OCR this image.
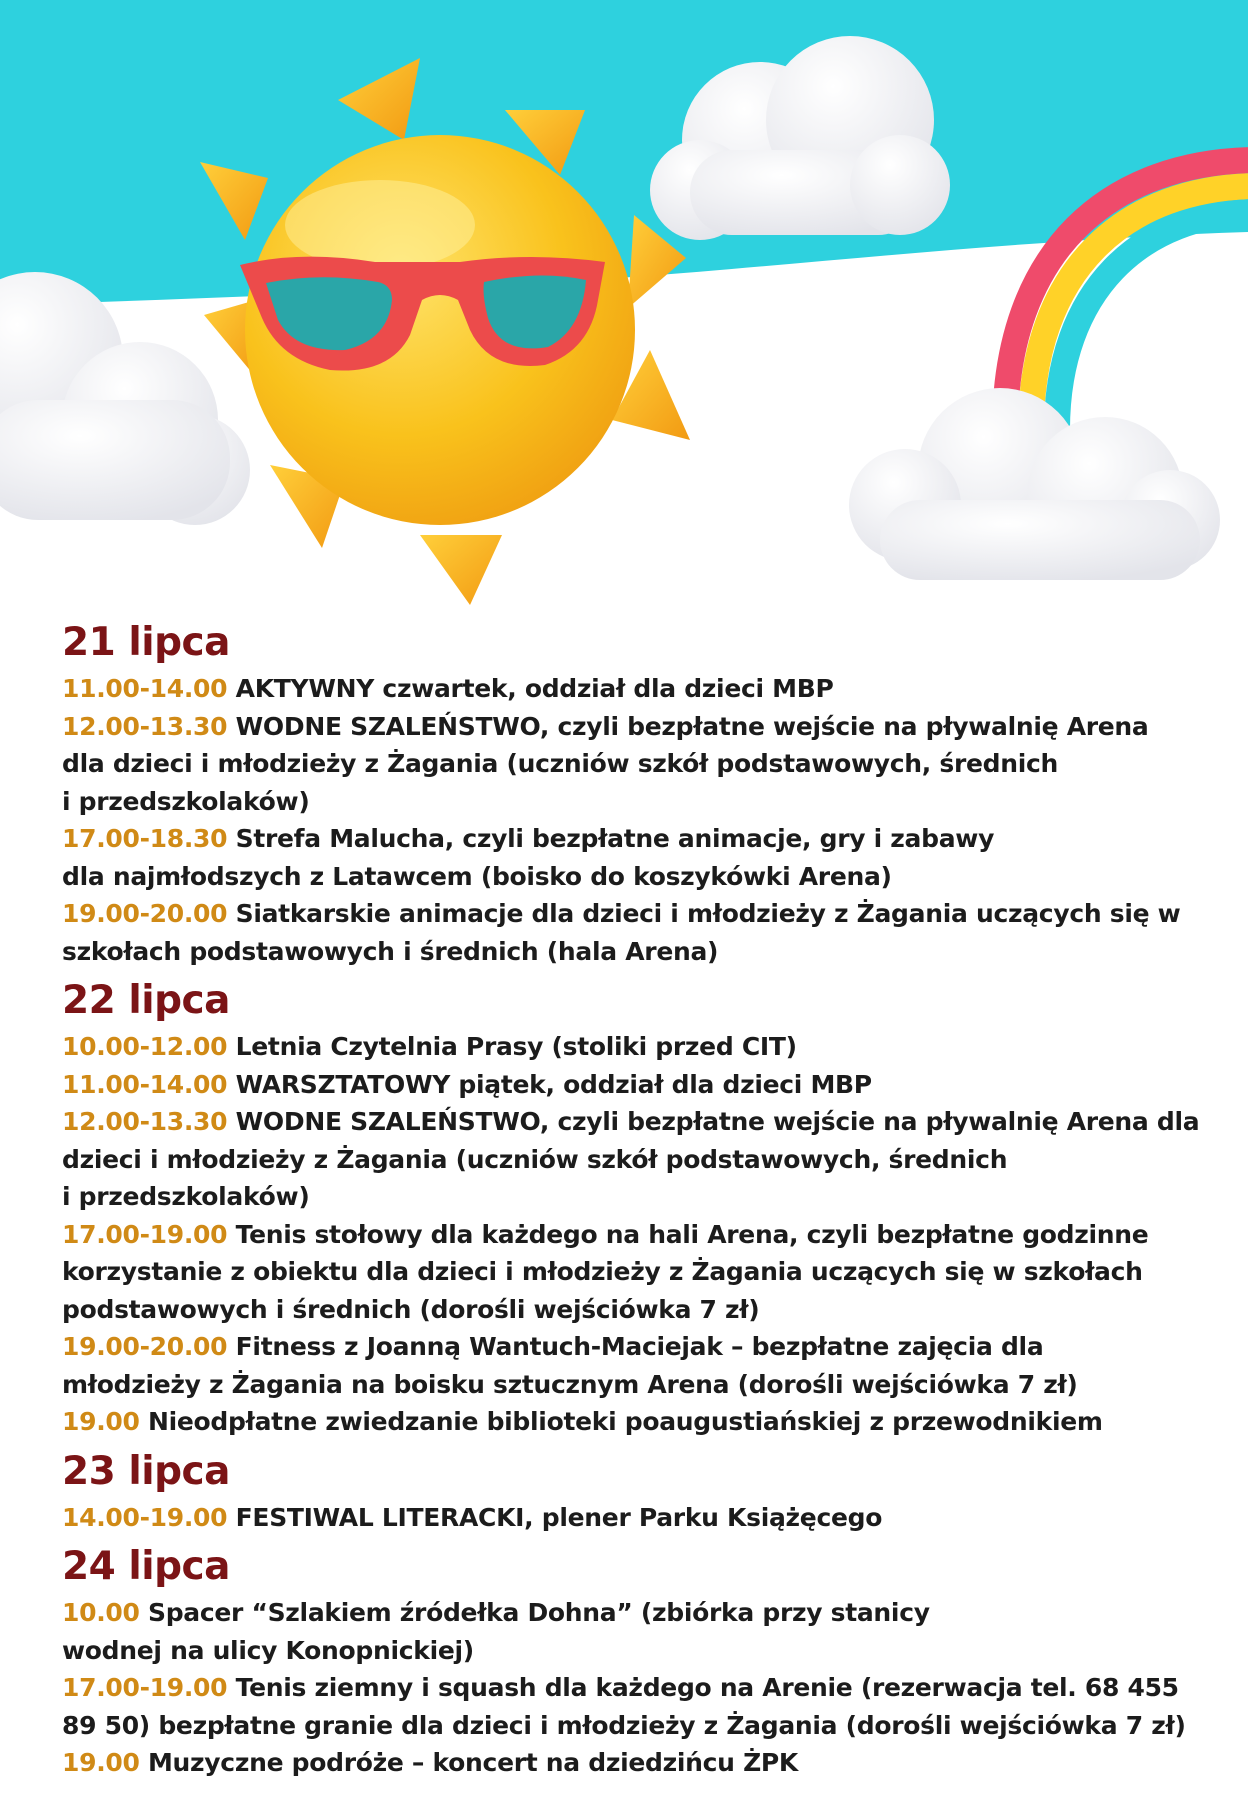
21 lipca
11.00-14.00 AKTYWNY czwartek, oddział dla dzieci MBP
12.00-13.30 WODNE SZALEŃSTWO, czyli bezpłatne wejście na pływalnię Arena
dla dzieci i młodzieży z Żagania (uczniów szkół podstawowych, średnich
i przedszkolaków)
17.00-18.30 Strefa Malucha, czyli bezpłatne animacje, gry i zabawy
dla najmłodszych z Latawcem (boisko do koszykówki Arena)
19.00-20.00 Siatkarskie animacje dla dzieci i młodzieży z Żagania uczących się w
szkołach podstawowych i średnich (hala Arena)
22 lipca
10.00-12.00 Letnia Czytelnia Prasy (stoliki przed CIT)
11.00-14.00 WARSZTATOWY piątek, oddział dla dzieci MBP
12.00-13.30 WODNE SZALEŃSTWO, czyli bezpłatne wejście na pływalnię Arena dla
dzieci i młodzieży z Żagania (uczniów szkół podstawowych, średnich
i przedszkolaków)
17.00-19.00 Tenis stołowy dla każdego na hali Arena, czyli bezpłatne godzinne
korzystanie z obiektu dla dzieci i młodzieży z Żagania uczących się w szkołach
podstawowych i średnich (dorośli wejściówka 7 zł)
19.00-20.00 Fitness z Joanną Wantuch-Maciejak – bezpłatne zajęcia dla
młodzieży z Żagania na boisku sztucznym Arena (dorośli wejściówka 7 zł)
19.00 Nieodpłatne zwiedzanie biblioteki poaugustiańskiej z przewodnikiem
23 lipca
14.00-19.00 FESTIWAL LITERACKI, plener Parku Książęcego
24 lipca
10.00 Spacer “Szlakiem źródełka Dohna” (zbiórka przy stanicy
wodnej na ulicy Konopnickiej)
17.00-19.00 Tenis ziemny i squash dla każdego na Arenie (rezerwacja tel. 68 455
89 50) bezpłatne granie dla dzieci i młodzieży z Żagania (dorośli wejściówka 7 zł)
19.00 Muzyczne podróże – koncert na dziedzińcu ŻPK
